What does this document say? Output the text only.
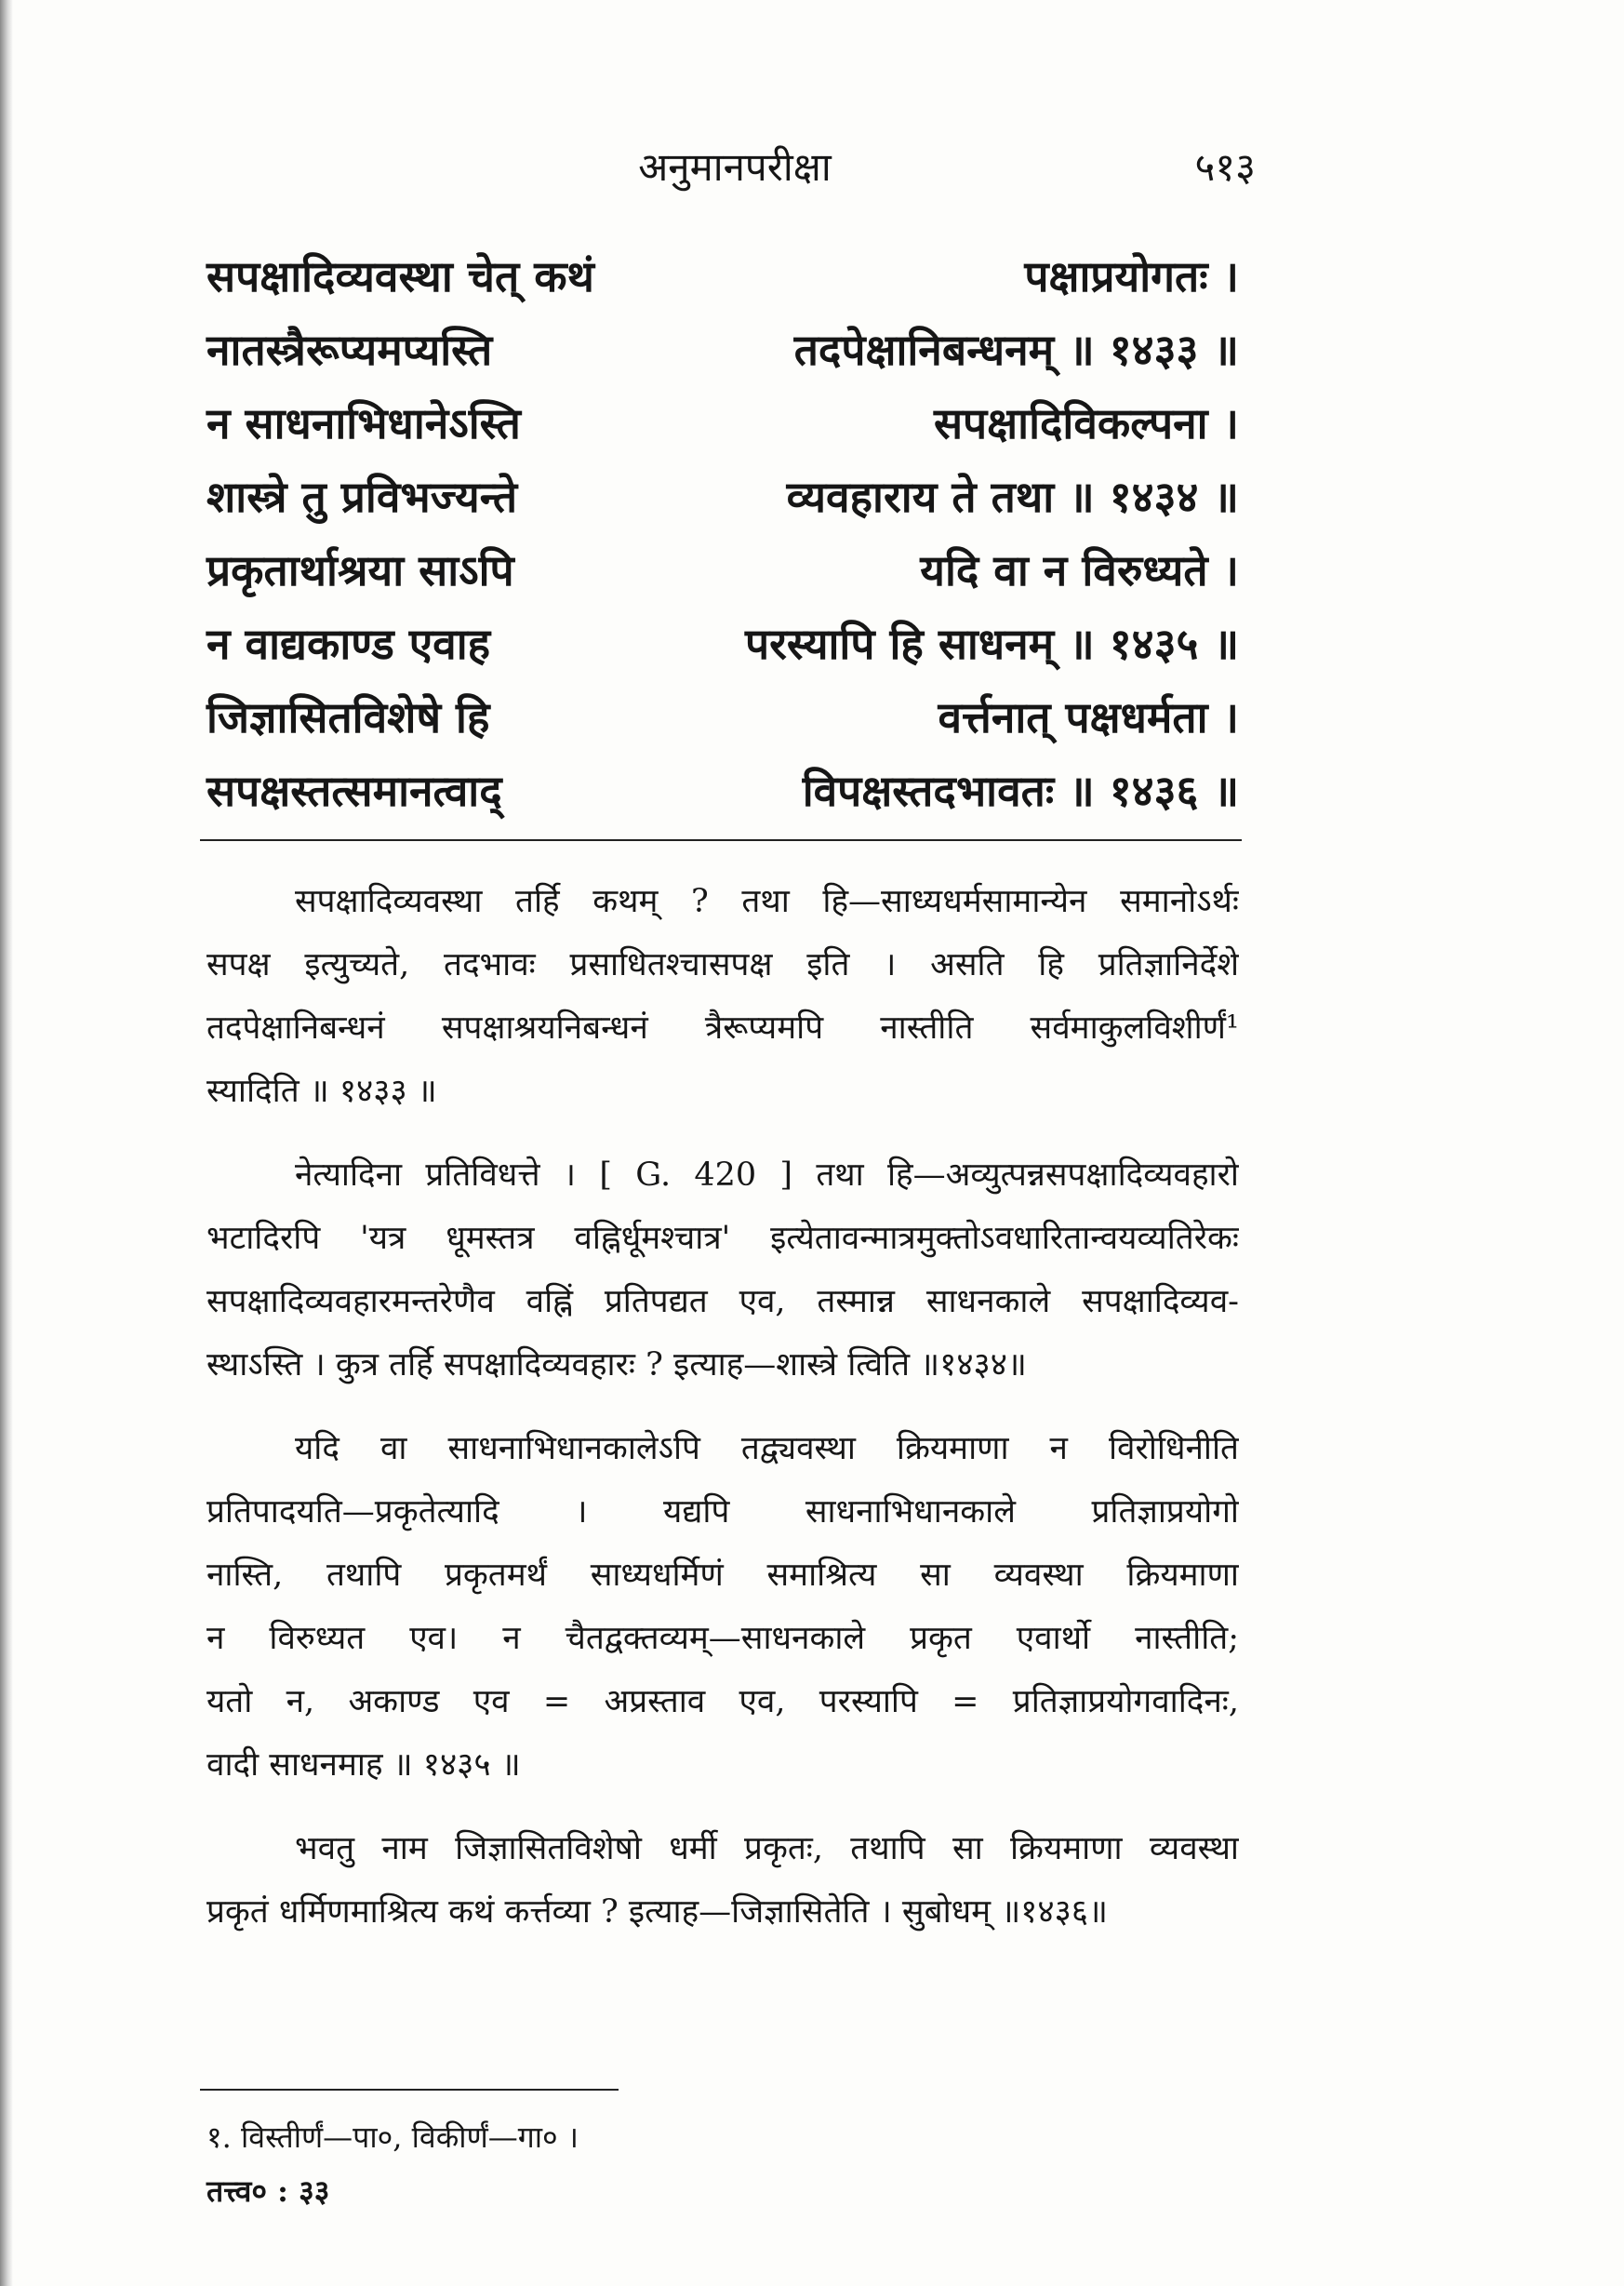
अनुमानपरीक्षा	५१३
सपक्षादिव्यवस्था चेत् कथं	पक्षाप्रयोगतः ।
नातस्त्रैरूप्यमप्यस्ति	तदपेक्षानिबन्धनम् ॥ १४३३ ॥
न साधनाभिधानेऽस्ति	सपक्षादिविकल्पना ।
शास्त्रे तु प्रविभज्यन्ते	व्यवहाराय ते तथा ॥ १४३४ ॥
प्रकृतार्थाश्रया साऽपि	यदि वा न विरुध्यते ।
न वाद्यकाण्ड एवाह	परस्यापि हि साधनम् ॥ १४३५ ॥
जिज्ञासितविशेषे हि	वर्त्तनात् पक्षधर्मता ।
सपक्षस्तत्समानत्वाद्	विपक्षस्तदभावतः ॥ १४३६ ॥
सपक्षादिव्यवस्था तर्हि कथम् ? तथा हि—साध्यधर्मसामान्येन समानोऽर्थः
सपक्ष इत्युच्यते, तदभावः प्रसाधितश्चासपक्ष इति । असति हि प्रतिज्ञानिर्देशे
तदपेक्षानिबन्धनं सपक्षाश्रयनिबन्धनं त्रैरूप्यमपि नास्तीति सर्वमाकुलविशीर्णं¹
स्यादिति ॥ १४३३ ॥
नेत्यादिना प्रतिविधत्ते । [ G. 420 ] तथा हि—अव्युत्पन्नसपक्षादिव्यवहारो
भटादिरपि 'यत्र धूमस्तत्र वह्निर्धूमश्चात्र' इत्येतावन्मात्रमुक्तोऽवधारितान्वयव्यतिरेकः
सपक्षादिव्यवहारमन्तरेणैव वह्निं प्रतिपद्यत एव, तस्मान्न साधनकाले सपक्षादिव्यव-
स्थाऽस्ति । कुत्र तर्हि सपक्षादिव्यवहारः ? इत्याह—शास्त्रे त्विति ॥१४३४॥
यदि वा साधनाभिधानकालेऽपि तद्व्यवस्था क्रियमाणा न विरोधिनीति
प्रतिपादयति—प्रकृतेत्यादि । यद्यपि साधनाभिधानकाले प्रतिज्ञाप्रयोगो
नास्ति, तथापि प्रकृतमर्थं साध्यधर्मिणं समाश्रित्य सा व्यवस्था क्रियमाणा
न विरुध्यत एव। न चैतद्वक्तव्यम्—साधनकाले प्रकृत एवार्थो नास्तीति;
यतो न, अकाण्ड एव = अप्रस्ताव एव, परस्यापि = प्रतिज्ञाप्रयोगवादिनः,
वादी साधनमाह ॥ १४३५ ॥
भवतु नाम जिज्ञासितविशेषो धर्मी प्रकृतः, तथापि सा क्रियमाणा व्यवस्था
प्रकृतं धर्मिणमाश्रित्य कथं कर्त्तव्या ? इत्याह—जिज्ञासितेति । सुबोधम् ॥१४३६॥
१. विस्तीर्णं—पा०, विकीर्णं—गा० ।
तत्त्व० : ३३
